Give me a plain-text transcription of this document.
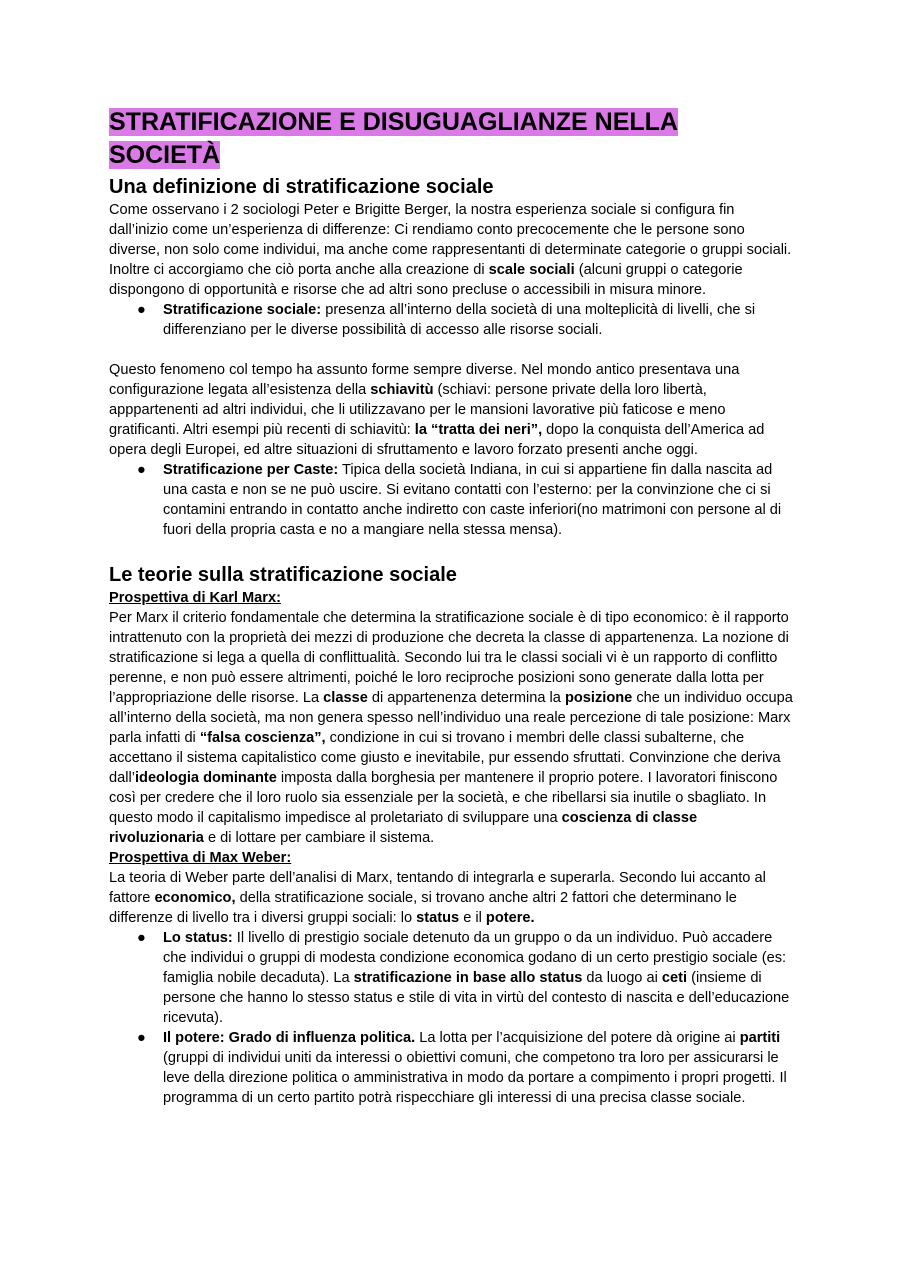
STRATIFICAZIONE E DISUGUAGLIANZE NELLA
SOCIETÀ
Una definizione di stratificazione sociale

Come osservano i 2 sociologi Peter e Brigitte Berger, la nostra esperienza sociale si configura fin dall’inizio come un’esperienza di differenze: Ci rendiamo conto precocemente che le persone sono diverse, non solo come individui, ma anche come rappresentanti di determinate categorie o gruppi sociali. Inoltre ci accorgiamo che ciò porta anche alla creazione di scale sociali (alcuni gruppi o categorie dispongono di opportunità e risorse che ad altri sono precluse o accessibili in misura minore.

● Stratificazione sociale: presenza all’interno della società di una molteplicità di livelli, che si differenziano per le diverse possibilità di accesso alle risorse sociali.

Questo fenomeno col tempo ha assunto forme sempre diverse. Nel mondo antico presentava una configurazione legata all’esistenza della schiavitù (schiavi: persone private della loro libertà, apppartenenti ad altri individui, che li utilizzavano per le mansioni lavorative più faticose e meno gratificanti. Altri esempi più recenti di schiavitù: la “tratta dei neri”, dopo la conquista dell’America ad opera degli Europei, ed altre situazioni di sfruttamento e lavoro forzato presenti anche oggi.

● Stratificazione per Caste: Tipica della società Indiana, in cui si appartiene fin dalla nascita ad una casta e non se ne può uscire. Si evitano contatti con l’esterno: per la convinzione che ci si contamini entrando in contatto anche indiretto con caste inferiori(no matrimoni con persone al di fuori della propria casta e no a mangiare nella stessa mensa).
Le teorie sulla stratificazione sociale

Prospettiva di Karl Marx:

Per Marx il criterio fondamentale che determina la stratificazione sociale è di tipo economico: è il rapporto intrattenuto con la proprietà dei mezzi di produzione che decreta la classe di appartenenza. La nozione di stratificazione si lega a quella di conflittualità. Secondo lui tra le classi sociali vi è un rapporto di conflitto perenne, e non può essere altrimenti, poiché le loro reciproche posizioni sono generate dalla lotta per l’appropriazione delle risorse. La classe di appartenenza determina la posizione che un individuo occupa all’interno della società, ma non genera spesso nell’individuo una reale percezione di tale posizione: Marx parla infatti di “falsa coscienza”, condizione in cui si trovano i membri delle classi subalterne, che accettano il sistema capitalistico come giusto e inevitabile, pur essendo sfruttati. Convinzione che deriva dall’ideologia dominante imposta dalla borghesia per mantenere il proprio potere. I lavoratori finiscono così per credere che il loro ruolo sia essenziale per la società, e che ribellarsi sia inutile o sbagliato. In questo modo il capitalismo impedisce al proletariato di sviluppare una coscienza di classe rivoluzionaria e di lottare per cambiare il sistema.

Prospettiva di Max Weber:

La teoria di Weber parte dell’analisi di Marx, tentando di integrarla e superarla. Secondo lui accanto al fattore economico, della stratificazione sociale, si trovano anche altri 2 fattori che determinano le differenze di livello tra i diversi gruppi sociali: lo status e il potere.

● Lo status: Il livello di prestigio sociale detenuto da un gruppo o da un individuo. Può accadere che individui o gruppi di modesta condizione economica godano di un certo prestigio sociale (es: famiglia nobile decaduta). La stratificazione in base allo status da luogo ai ceti (insieme di persone che hanno lo stesso status e stile di vita in virtù del contesto di nascita e dell’educazione ricevuta).
● Il potere: Grado di influenza politica. La lotta per l’acquisizione del potere dà origine ai partiti (gruppi di individui uniti da interessi o obiettivi comuni, che competono tra loro per assicurarsi le leve della direzione politica o amministrativa in modo da portare a compimento i propri progetti. Il programma di un certo partito potrà rispecchiare gli interessi di una precisa classe sociale.
